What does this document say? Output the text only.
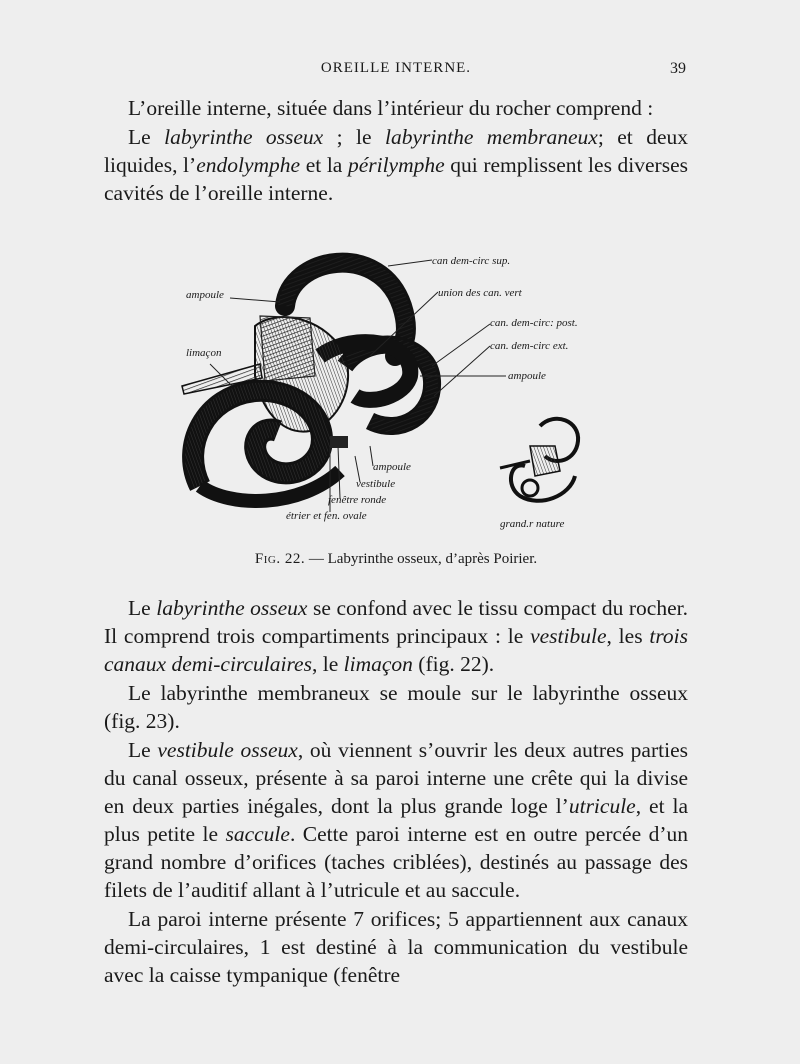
OREILLE INTERNE.	39

L’oreille interne, située dans l’intérieur du rocher comprend :

Le labyrinthe osseux ; le labyrinthe membraneux; et deux liquides, l’endolymphe et la périlymphe qui remplissent les diverses cavités de l’oreille interne.

can dem-circ sup.
union des can. vert
can. dem-circ: post.
can. dem-circ ext.
ampoule
ampoule
limaçon
ampoule
vestibule
fenêtre ronde
étrier et fen. ovale
grand.r nature
Fig. 22. — Labyrinthe osseux, d’après Poirier.

Le labyrinthe osseux se confond avec le tissu compact du rocher. Il comprend trois compartiments principaux : le vestibule, les trois canaux demi-circulaires, le limaçon (fig. 22).

Le labyrinthe membraneux se moule sur le labyrinthe osseux (fig. 23).

Le vestibule osseux, où viennent s’ouvrir les deux autres parties du canal osseux, présente à sa paroi interne une crête qui la divise en deux parties inégales, dont la plus grande loge l’utricule, et la plus petite le saccule. Cette paroi interne est en outre percée d’un grand nombre d’orifices (taches criblées), destinés au passage des filets de l’auditif allant à l’utricule et au saccule.

La paroi interne présente 7 orifices; 5 appartiennent aux canaux demi-circulaires, 1 est destiné à la communication du vestibule avec la caisse tympanique (fenêtre
